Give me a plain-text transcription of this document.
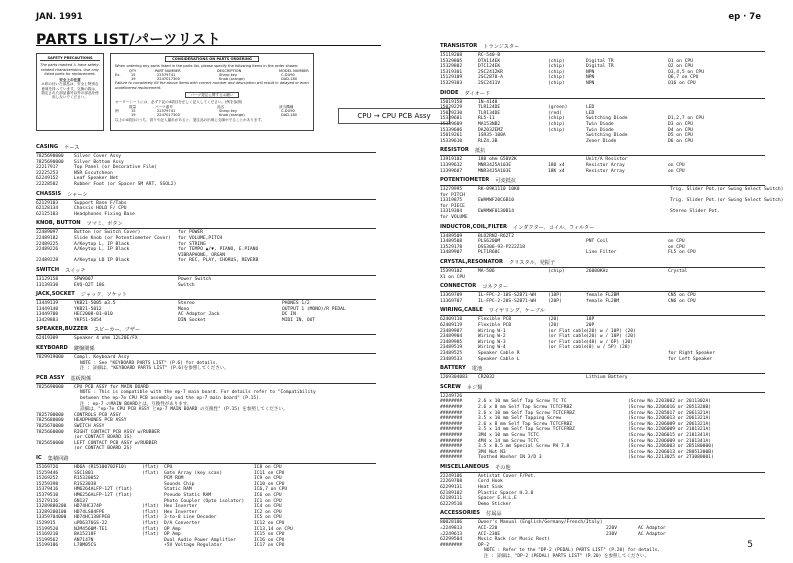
JAN. 1991	ep · 7e
PARTS LIST/パーツリスト
SAFETY PRECAUTIONS

The parts marked ⚠ have safety-related characteristics. Use only listed parts for replacement.

安全上の注意

⚠印の付いた部品は、安全上特別な意味を持っています。交換の際は、指定された部品番号以外の部品を使用しないでください。

CONSIDERATIONS ON PARTS ORDERING
When ordering any parts listed in the parts list, please specify the following items in the order shown:
QTY	PART NUMBER	DESCRIPTION	MODEL NUMBER
Ex.	15	22579741	Sharp key	C-DU90
19	2247017300	Knob (orange)	DAD-180
Failure to completely fill the above items with correct number and description will result in delayed or even undelivered replacement.
パーツ発注に関するお願い
オーダーシートには、必ず下記の4項目を正しく記入してください。(例を参照)
数量	パーツ番号	品名	該当機種
例	15	22579741	Sharp key	C-DU90
19	2247017300	Knob (orange)	DAD-180
以上の4項目のうち、誤りや記入漏れがあると、発注品の出荷に支障がでることがあります。	CPU → CPU PCB Assy
CASING ケース
7825690000	Silver Cover Assy
7825690000	Silver Bottom Assy
22217917	Top Panel (or Decorative Film)
22225253	NSR Escutcheon
62249152	Leaf Speaker Net
22228502	Rubber Foot (or Spacer SM ART, SSOL2)
CHASSIS シャーシ
62129103	Support Base F/Tabs
62128134	Chassis HOLD F/ CPU
62125103	Headphones Fixing Base
KNOB, BUTTON ツマミ、ボタン
22489097	Button (or Switch Cover)	for POWER
22489182	Slide Knob (or Potentiometer Cover)	for VOLUME,PITCH
22489225	A/Keytop L, IP Black	for STRING
22489226	A/Keytop L, IP Black	for TEMPO ▲/▼, PIANO, E.PIANO
VIBRAPHONE, ORGAN
22489228	A/Keytop LD IP Black	for REC, PLAY, CHORUS, REVERB
SWITCH スイッチ
13129158	SPW9007	Power Switch
13139330	EVQ-Q2T 18G	Switch
JACK,SOCKET ジャック、ソケット
13449139	YKB21-5005 ø3.5	Stereo	PHONES 1/2
13449140	YKB21-5012	Mono	OUTPUT 1 (MONO)/R PEDAL
13449700	HEC2008-01-010	AC Adaptor Jack	DC IN
13429883	YKF51-5054	DIN Socket	MIDI IN, OUT
SPEAKER,BUZZER スピーカー、ブザー
62419309	Speaker 4 ohm 12L20E/FX
KEYBOARD 鍵盤関係
7829919000	Compl. Keyboard Assy
NOTE : See "KEYBOARD PARTS LIST" (P.6) for details.
注 : 詳細は、"KEYBOARD PARTS LIST" (P.6)を参照してください。
PCB ASSY 基板関係
7825690000	CPU PCB ASSY for MAIN BOARD
NOTE : This is compatible with the ep-7 main board. For details refer to "Compatibility
between the ep-7e CPU PCB assembly and the ep-7 main board" (P.15).
注 : ep-7 のMAIN BOARDとは、互換性があります。
詳細は、"ep-7e CPU PCB ASSY とep-7 MAIN BOARD の互換性" (P.15) を参照してください。
7825700000	CONTROLS PCB ASSY
7825680000	HEADPHONES PCB ASSY
7825670000	SWITCH ASSY
7825660000	RIGHT CONTACT PCB ASSY w/RUBBER
(or CONTACT BOARD 1S)
7825650000	LEFT CONTACT PCB ASSY w/RUBBER
(or CONTACT BOARD 2S)
IC 集積回路
15169726	HD6A (R15100702F10)	(flat)	CPU	IC8 on CPU
15259446	SSC1801	(flat)	Gate Array (key scan)	IC11 on CPU
15269252	R15320052	PCM ROM	IC9 on CPU
15259398	R1S23038	Sounds Chip	IC10 on CPU
15379416	HM6264ALFP-12T (flat)	Static RAM	IC6,7 on CPU
15379510	HM6256ALFP-12T (flat)	Pseudo Static RAM	IC6 on CPU
15279116	6N137	Photo Coupler (Opto isolator)	IC1 on CPU
13289880200	HD74HC374P	(flat)	Hex Inverter	IC4 on CPU
13289200100	HD74LS04FPE	(flat)	Hex Inverter	IC2 on CPU
13359704000	HD74HC138FPEB	(flat)	3-to-8 Line Decoder	IC5 on CPU
1529915	uPD6376GS-22	(flat)	D/A Converter	IC12 on CPU
15199520	NJM4560M-TE1	(flat)	OP Amp	IC13,14 on CPU
15169210	BA15218F	(flat)	OP Amp	IC15 on CPU
15199562	AN7147N	Dual Audio Power Amplifier	IC16 on CPU
15199186	L78M05CS	+5V Voltage Regulator	IC17 on CPU
TRANSISTOR トランジスター
15119208	RC-540-B
15329805	DTA114EK	(chip)	Digital TR	Q1 on CPU
15329802	DTC124EK	(chip)	Digital TR	Q2 on CPU
15319301	2SC2412KR	(chip)	NPN	Q3,4,5 on CPU
15129109	2SC2878-A	(chip)	NPN	Q6,7 on CPU
15329303	2SC2411V	(chip)	NPN	Q16 on CPU
DIODE ダイオード
15019158	1N-4148
15029229	TLR124DE	(green)	LED
15029230	TLR134DE	(red)	LED
15339601	RL5-11	(chip)	Switching Diode	D1,2,7 on CPU
15339609	MA153NB2	(chip)	Twin Diode	D3 on CPU
15339606	DA203ZEMZ	(chip)	Twin Diode	D4 on CPU
15019261	1SR35-100A	Switching Diode	D5 on CPU
15339610	RLZ4.3B	Zener Diode	D6 on CPU
RESISTOR 抵抗
13919102	180 ohm G50V2K	Unit/A Resistor
13399632	MNR34J5A103E	180 x4	Resistor Array	on CPU
13399607	MNR34J5A103E	18K x4	Resistor Array	on CPU
POTENTIOMETER 可変抵抗
13279995	RK-09K1110 10K0	Trig. Slider Pot.(or Swing Select Switch)
for PITCH
13319875	EWAMWF20C6B10	Trig. Slider Pot.(or Swing Select Switch)
for PIECE
13319304	EWAMWF0130B14	Stereo Slider Pot.
for VOLUME
INDUCTOR,COIL,FILTER インダクター、コイル、フィルター
13489509	BLO2RN2-R62T2
13489508	PLS6200M	PNT Coil	on CPU
13529178	DSS306-93-P222Z18	on CPU
13489907	PLT1R68C	Line Filter	FL5 on CPU
CRYSTAL,RESONATOR クリスタル、発振子
15399102	MA-506	(chip)	26000KHz	Crystal
X1 on CPU
CONNECTOR コネクター
13369709	IL-FPC-2-10S-S2B71-WH	(10P)	female FL2BM	CN5 on CPU
13369707	IL-FPC-2-20S-S2B71-WH	(20P)	female FL2BM	CN6 on CPU
WIRING,CABLE ワイヤリング、ケーブル
62409118	Flexible PCB	(20)	18P
62409119	Flexible PCB	(20)	20P
23489907	Wiring W-1	(or Flat cable (20) w / 10P) (20)
23489904	Wiring W-2	(or Flat cable (20) w / 10P) (20)
23489905	Wiring W-3	(or Flat cable (48) w / 6P) (30)
23489519	Wiring W-4	(or Flat cable (8) w / 5P) (28)
23489525	Speaker Cable R	for Right Speaker
23489533	Speaker Cable L	for Left Speaker
BATTERY 電池
1269304083	CR2032	Lithium Battery
SCREW ネジ類
12249726
########	2.6 x 10 mm Self Tap Screw TC TC	(Screw No.2203002 or 2011302A)
########	2.6 x 8 mm Self Tap Screw TCTCFRBZ	(Screw No.2206016 or 2051320B)
########	2.6 x 10 mm Self Tap Screw TCTCFRBZ	(Screw No.2205017 or 2061321A)
########	3.5 x 10 mm Self Tapping Screw	(Screw No.2206013 or 2061321A)
########	2.6 x 8 mm Self Tap Screw TCTCFRBZ	(Screw No.2206009 or 2061321A)
########	3.5 x 14 mm Self Tap Screw TCTCFRBZ	(Screw No.2206009 or 2101321A)
########	3M4 x 10 mm Screw TCTC	(Screw No.2206015 or 2101341A)
########	4M4 x 14 mm Screw TCTC	(Screw No.2206009 or 2101341A)
########	3.5 x 8.5 mm Special Screw PH 7.8	(Screw No.2206003 or 2B5180000)
########	3M4 Nut N3	(Screw No.2206013 or 2B051300B)
########	Toothed Washer IN 3/D 3	(Screw No.2213025 or 2T3080001)
MISCELLANEOUS その他
22249106	Antistat Cover F/Pot.
22269708	Cord Hook
62299131	Heat Sink
62189102	Plastic Spacer H.3.8
62189111	Spacer E.H.L.E
62229510	Demo Sticker
ACCESSORIES 付属品
80028106	Owner's Manual (English/Germany/French/Italy)
⚠2249813	ACI-220	220V	AC Adaptor
⚠2249613	ACI-230E	230V	AC Adaptor
62299504	Music Rack (or Music Rest)
########	DP-2
NOTE : Refer to the "DP-2 (PEDAL) PARTS LIST" (P.20) for details.
注 : 詳細は、"DP-2 (PEDAL) PARTS LIST" (P.20) を参照してください。
5
